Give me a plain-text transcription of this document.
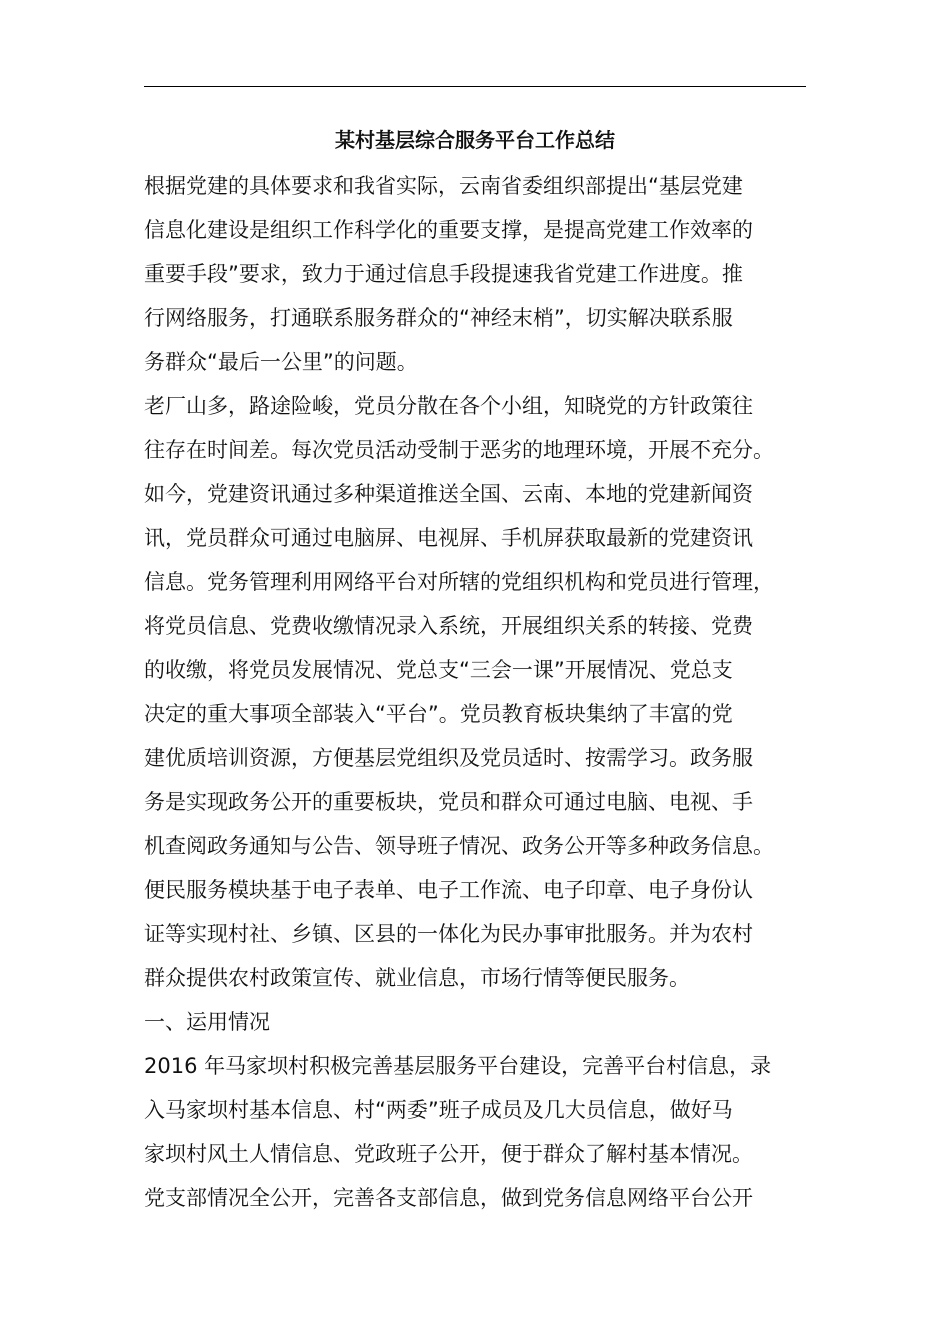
某村基层综合服务平台工作总结

根据党建的具体要求和我省实际，云南省委组织部提出“基层党建

信息化建设是组织工作科学化的重要支撑，是提高党建工作效率的

重要手段”要求，致力于通过信息手段提速我省党建工作进度。推

行网络服务，打通联系服务群众的“神经末梢”，切实解决联系服

务群众“最后一公里”的问题。

老厂山多，路途险峻，党员分散在各个小组，知晓党的方针政策往

往存在时间差。每次党员活动受制于恶劣的地理环境，开展不充分。

如今，党建资讯通过多种渠道推送全国、云南、本地的党建新闻资

讯，党员群众可通过电脑屏、电视屏、手机屏获取最新的党建资讯

信息。党务管理利用网络平台对所辖的党组织机构和党员进行管理，

将党员信息、党费收缴情况录入系统，开展组织关系的转接、党费

的收缴，将党员发展情况、党总支“三会一课”开展情况、党总支

决定的重大事项全部装入“平台”。党员教育板块集纳了丰富的党

建优质培训资源，方便基层党组织及党员适时、按需学习。政务服

务是实现政务公开的重要板块，党员和群众可通过电脑、电视、手

机查阅政务通知与公告、领导班子情况、政务公开等多种政务信息。

便民服务模块基于电子表单、电子工作流、电子印章、电子身份认

证等实现村社、乡镇、区县的一体化为民办事审批服务。并为农村

群众提供农村政策宣传、就业信息，市场行情等便民服务。

一、运用情况

2016 年马家坝村积极完善基层服务平台建设，完善平台村信息，录

入马家坝村基本信息、村“两委”班子成员及几大员信息，做好马

家坝村风土人情信息、党政班子公开，便于群众了解村基本情况。

党支部情况全公开，完善各支部信息，做到党务信息网络平台公开
